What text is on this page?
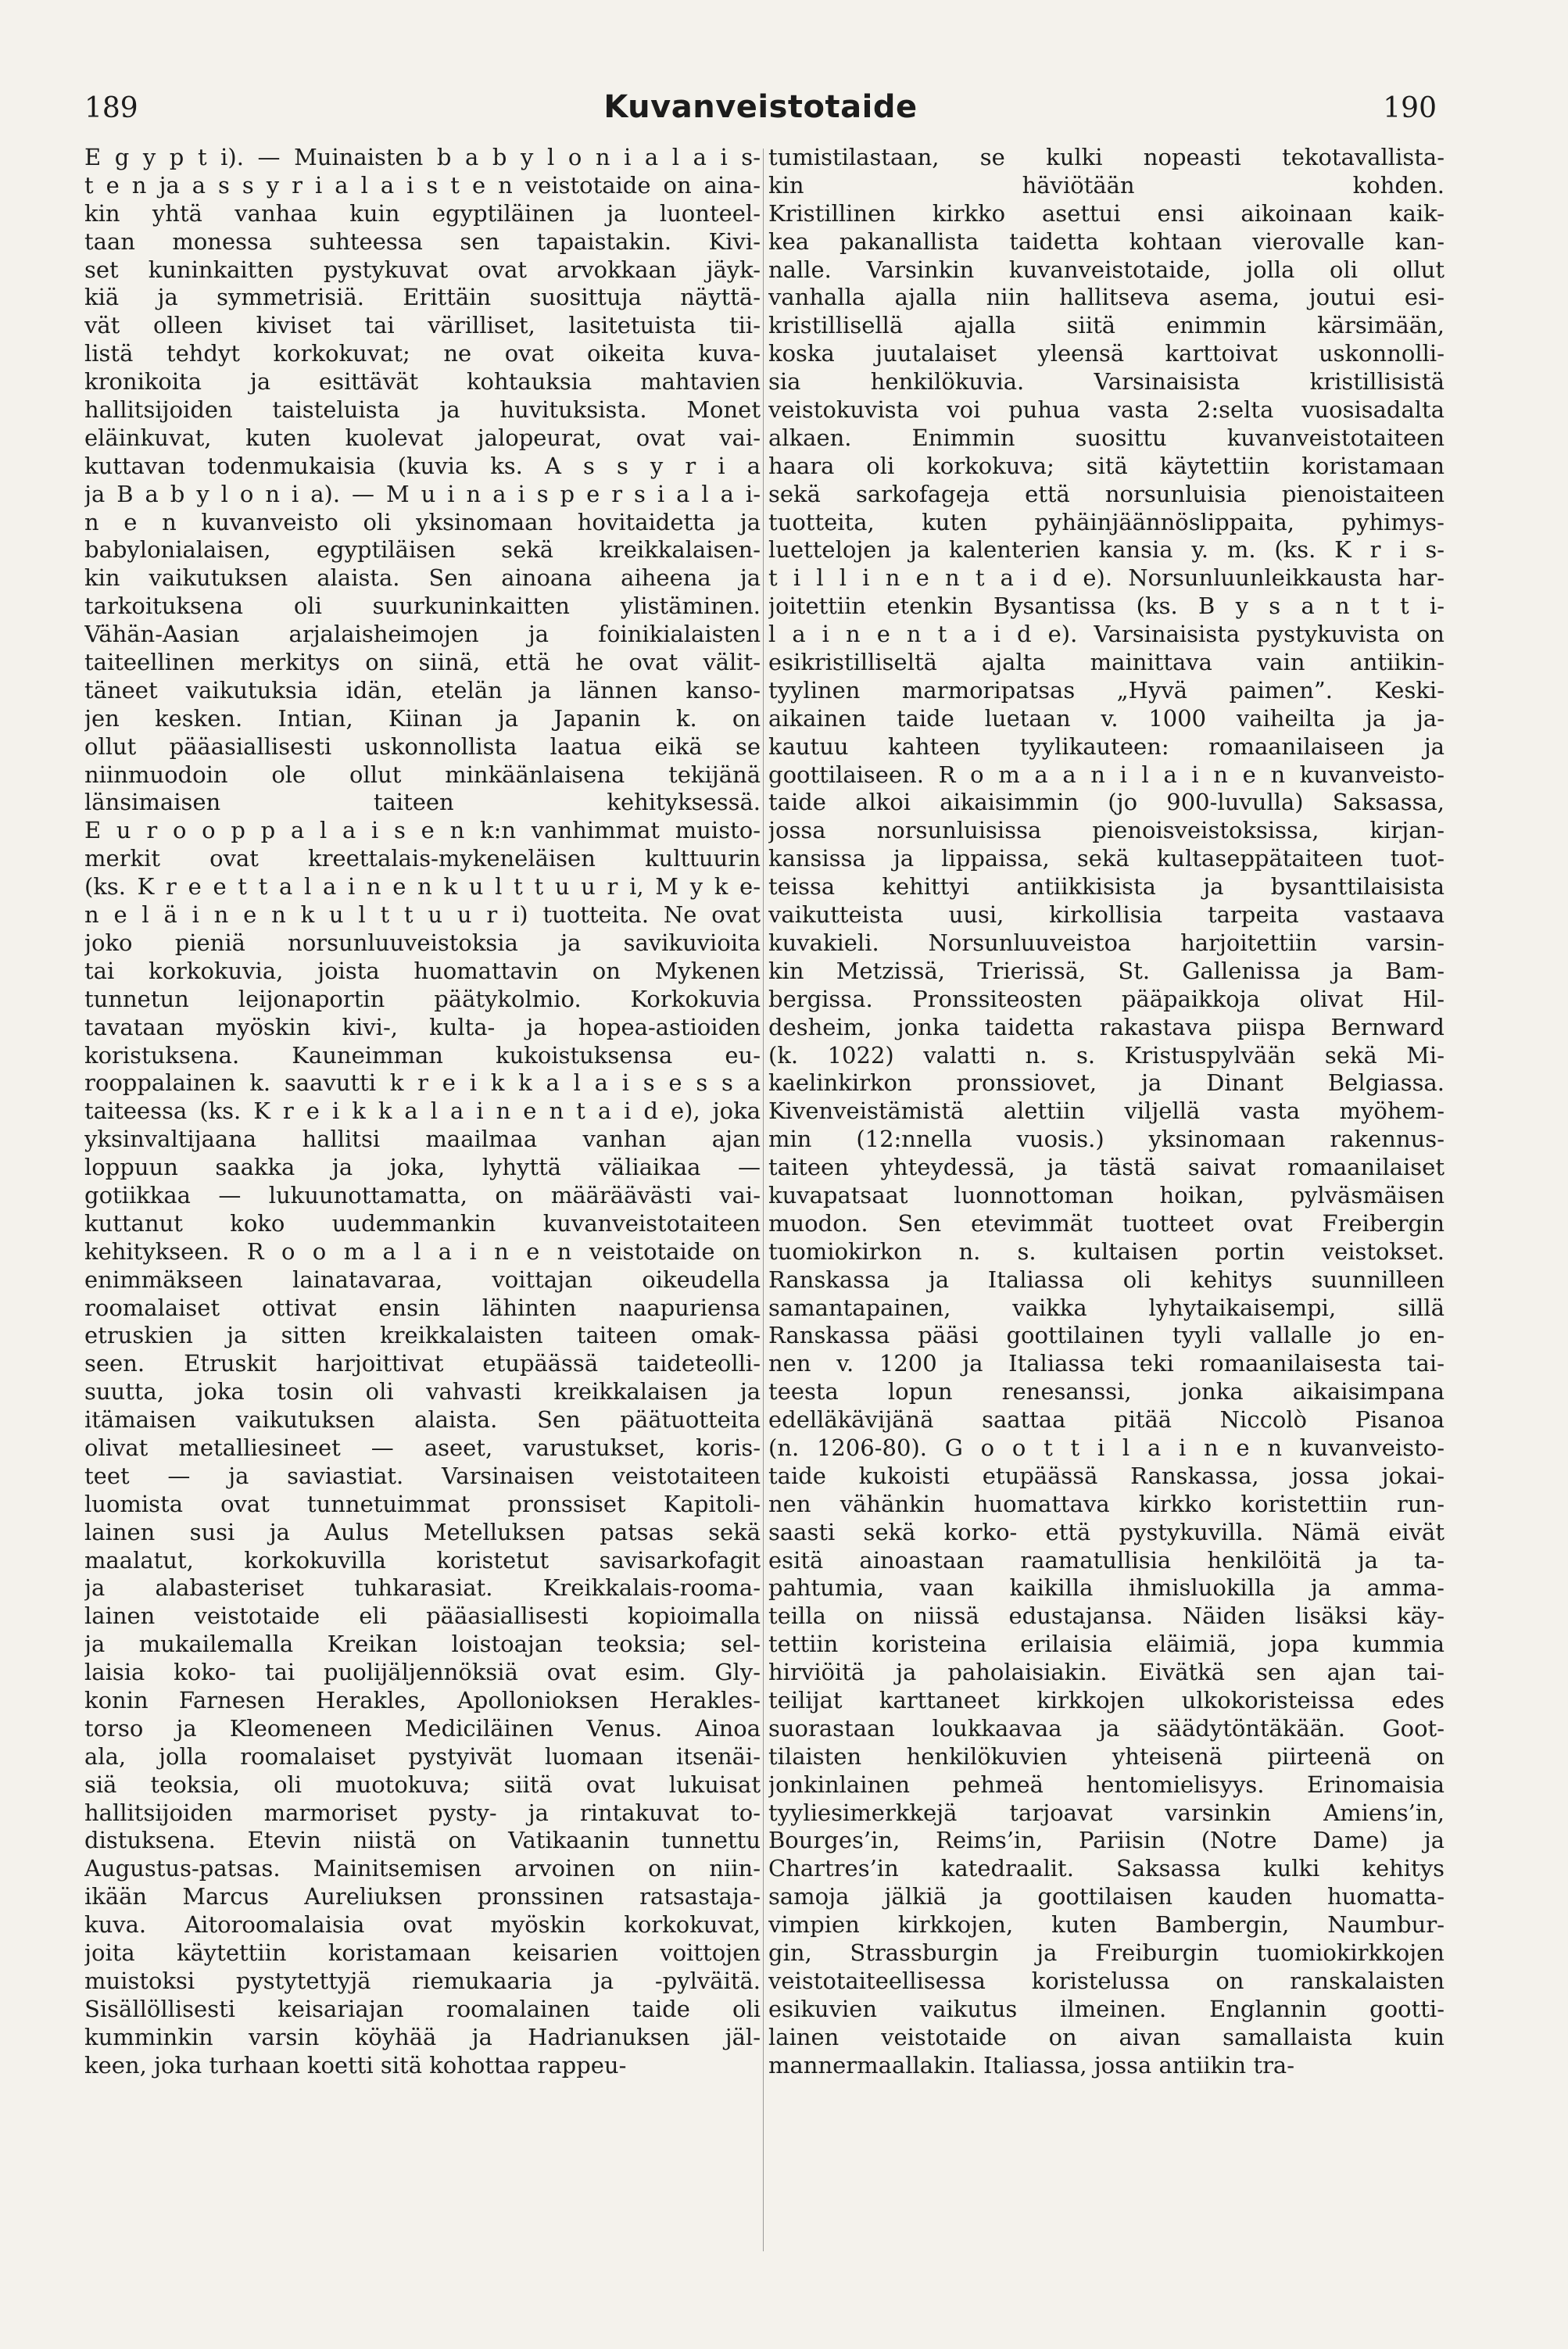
189	Kuvanveistotaide	190
E g y p t i). — Muinaisten b a b y l o n i a l a i s-
t e n ja a s s y r i a l a i s t e n veistotaide on aina-
kin yhtä vanhaa kuin egyptiläinen ja luonteel-
taan monessa suhteessa sen tapaistakin. Kivi-
set kuninkaitten pystykuvat ovat arvokkaan jäyk-
kiä ja symmetrisiä. Erittäin suosittuja näyttä-
vät olleen kiviset tai värilliset, lasitetuista tii-
listä tehdyt korkokuvat; ne ovat oikeita kuva-
kronikoita ja esittävät kohtauksia mahtavien
hallitsijoiden taisteluista ja huvituksista. Monet
eläinkuvat, kuten kuolevat jalopeurat, ovat vai-
kuttavan todenmukaisia (kuvia ks. A s s y r i a
ja B a b y l o n i a). — M u i n a i s p e r s i a l a i-
n e n kuvanveisto oli yksinomaan hovitaidetta ja
babylonialaisen, egyptiläisen sekä kreikkalaisen-
kin vaikutuksen alaista. Sen ainoana aiheena ja
tarkoituksena oli suurkuninkaitten ylistäminen.
Vähän-Aasian arjalaisheimojen ja foinikialaisten
taiteellinen merkitys on siinä, että he ovat välit-
täneet vaikutuksia idän, etelän ja lännen kanso-
jen kesken. Intian, Kiinan ja Japanin k. on
ollut pääasiallisesti uskonnollista laatua eikä se
niinmuodoin ole ollut minkäänlaisena tekijänä
länsimaisen taiteen kehityksessä.
E u r o o p p a l a i s e n k:n vanhimmat muisto-
merkit ovat kreettalais-mykeneläisen kulttuurin
(ks. K r e e t t a l a i n e n k u l t t u u r i, M y k e-
n e l ä i n e n k u l t t u u r i) tuotteita. Ne ovat
joko pieniä norsunluuveistoksia ja savikuvioita
tai korkokuvia, joista huomattavin on Mykenen
tunnetun leijonaportin päätykolmio. Korkokuvia
tavataan myöskin kivi-, kulta- ja hopea-astioiden
koristuksena. Kauneimman kukoistuksensa eu-
rooppalainen k. saavutti k r e i k k a l a i s e s s a
taiteessa (ks. K r e i k k a l a i n e n t a i d e), joka
yksinvaltijaana hallitsi maailmaa vanhan ajan
loppuun saakka ja joka, lyhyttä väliaikaa —
gotiikkaa — lukuunottamatta, on määräävästi vai-
kuttanut koko uudemmankin kuvanveistotaiteen
kehitykseen. R o o m a l a i n e n veistotaide on
enimmäkseen lainatavaraa, voittajan oikeudella
roomalaiset ottivat ensin lähinten naapuriensa
etruskien ja sitten kreikkalaisten taiteen omak-
seen. Etruskit harjoittivat etupäässä taideteolli-
suutta, joka tosin oli vahvasti kreikkalaisen ja
itämaisen vaikutuksen alaista. Sen päätuotteita
olivat metalliesineet — aseet, varustukset, koris-
teet — ja saviastiat. Varsinaisen veistotaiteen
luomista ovat tunnetuimmat pronssiset Kapitoli-
lainen susi ja Aulus Metelluksen patsas sekä
maalatut, korkokuvilla koristetut savisarkofagit
ja alabasteriset tuhkarasiat. Kreikkalais-rooma-
lainen veistotaide eli pääasiallisesti kopioimalla
ja mukailemalla Kreikan loistoajan teoksia; sel-
laisia koko- tai puolijäljennöksiä ovat esim. Gly-
konin Farnesen Herakles, Apollonioksen Herakles-
torso ja Kleomeneen Mediciläinen Venus. Ainoa
ala, jolla roomalaiset pystyivät luomaan itsenäi-
siä teoksia, oli muotokuva; siitä ovat lukuisat
hallitsijoiden marmoriset pysty- ja rintakuvat to-
distuksena. Etevin niistä on Vatikaanin tunnettu
Augustus-patsas. Mainitsemisen arvoinen on niin-
ikään Marcus Aureliuksen pronssinen ratsastaja-
kuva. Aitoroomalaisia ovat myöskin korkokuvat,
joita käytettiin koristamaan keisarien voittojen
muistoksi pystytettyjä riemukaaria ja -pylväitä.
Sisällöllisesti keisariajan roomalainen taide oli
kumminkin varsin köyhää ja Hadrianuksen jäl-
keen, joka turhaan koetti sitä kohottaa rappeu-
tumistilastaan, se kulki nopeasti tekotavallista-
kin häviötään kohden.
Kristillinen kirkko asettui ensi aikoinaan kaik-
kea pakanallista taidetta kohtaan vierovalle kan-
nalle. Varsinkin kuvanveistotaide, jolla oli ollut
vanhalla ajalla niin hallitseva asema, joutui esi-
kristillisellä ajalla siitä enimmin kärsimään,
koska juutalaiset yleensä karttoivat uskonnolli-
sia henkilökuvia. Varsinaisista kristillisistä
veistokuvista voi puhua vasta 2:selta vuosisadalta
alkaen. Enimmin suosittu kuvanveistotaiteen
haara oli korkokuva; sitä käytettiin koristamaan
sekä sarkofageja että norsunluisia pienoistaiteen
tuotteita, kuten pyhäinjäännöslippaita, pyhimys-
luettelojen ja kalenterien kansia y. m. (ks. K r i s-
t i l l i n e n t a i d e). Norsunluunleikkausta har-
joitettiin etenkin Bysantissa (ks. B y s a n t t i-
l a i n e n t a i d e). Varsinaisista pystykuvista on
esikristilliseltä ajalta mainittava vain antiikin-
tyylinen marmoripatsas „Hyvä paimen”. Keski-
aikainen taide luetaan v. 1000 vaiheilta ja ja-
kautuu kahteen tyylikauteen: romaanilaiseen ja
goottilaiseen. R o m a a n i l a i n e n kuvanveisto-
taide alkoi aikaisimmin (jo 900-luvulla) Saksassa,
jossa norsunluisissa pienoisveistoksissa, kirjan-
kansissa ja lippaissa, sekä kultaseppätaiteen tuot-
teissa kehittyi antiikkisista ja bysanttilaisista
vaikutteista uusi, kirkollisia tarpeita vastaava
kuvakieli. Norsunluuveistoa harjoitettiin varsin-
kin Metzissä, Trierissä, St. Gallenissa ja Bam-
bergissa. Pronssiteosten pääpaikkoja olivat Hil-
desheim, jonka taidetta rakastava piispa Bernward
(k. 1022) valatti n. s. Kristuspylvään sekä Mi-
kaelinkirkon pronssiovet, ja Dinant Belgiassa.
Kivenveistämistä alettiin viljellä vasta myöhem-
min (12:nnella vuosis.) yksinomaan rakennus-
taiteen yhteydessä, ja tästä saivat romaanilaiset
kuvapatsaat luonnottoman hoikan, pylväsmäisen
muodon. Sen etevimmät tuotteet ovat Freibergin
tuomiokirkon n. s. kultaisen portin veistokset.
Ranskassa ja Italiassa oli kehitys suunnilleen
samantapainen, vaikka lyhytaikaisempi, sillä
Ranskassa pääsi goottilainen tyyli vallalle jo en-
nen v. 1200 ja Italiassa teki romaanilaisesta tai-
teesta lopun renesanssi, jonka aikaisimpana
edelläkävijänä saattaa pitää Niccolò Pisanoa
(n. 1206-80). G o o t t i l a i n e n kuvanveisto-
taide kukoisti etupäässä Ranskassa, jossa jokai-
nen vähänkin huomattava kirkko koristettiin run-
saasti sekä korko- että pystykuvilla. Nämä eivät
esitä ainoastaan raamatullisia henkilöitä ja ta-
pahtumia, vaan kaikilla ihmisluokilla ja amma-
teilla on niissä edustajansa. Näiden lisäksi käy-
tettiin koristeina erilaisia eläimiä, jopa kummia
hirviöitä ja paholaisiakin. Eivätkä sen ajan tai-
teilijat karttaneet kirkkojen ulkokoristeissa edes
suorastaan loukkaavaa ja säädytöntäkään. Goot-
tilaisten henkilökuvien yhteisenä piirteenä on
jonkinlainen pehmeä hentomielisyys. Erinomaisia
tyyliesimerkkejä tarjoavat varsinkin Amiens’in,
Bourges’in, Reims’in, Pariisin (Notre Dame) ja
Chartres’in katedraalit. Saksassa kulki kehitys
samoja jälkiä ja goottilaisen kauden huomatta-
vimpien kirkkojen, kuten Bambergin, Naumbur-
gin, Strassburgin ja Freiburgin tuomiokirkkojen
veistotaiteellisessa koristelussa on ranskalaisten
esikuvien vaikutus ilmeinen. Englannin gootti-
lainen veistotaide on aivan samallaista kuin
mannermaallakin. Italiassa, jossa antiikin tra-
